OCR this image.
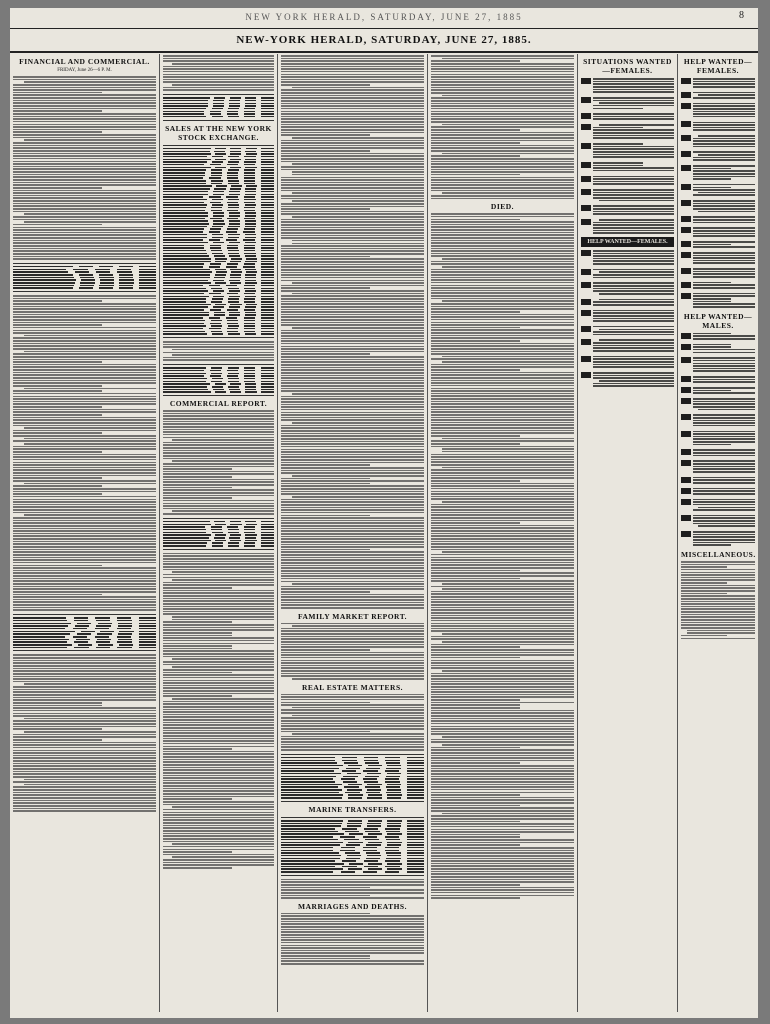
NEW YORK HERALD, SATURDAY, JUNE 27, 1885	8
NEW-YORK HERALD, SATURDAY, JUNE 27, 1885.
FINANCIAL AND COMMERCIAL.
FRIDAY, June 26—6 P. M.
SALES AT THE NEW YORK STOCK EXCHANGE.
COMMERCIAL REPORT.
FAMILY MARKET REPORT.
REAL ESTATE MATTERS.
MARINE TRANSFERS.
MARRIAGES AND DEATHS.
DIED.
SITUATIONS WANTED—FEMALES.
HELP WANTED—FEMALES.
HELP WANTED—FEMALES.
HELP WANTED—MALES.
MISCELLANEOUS.
